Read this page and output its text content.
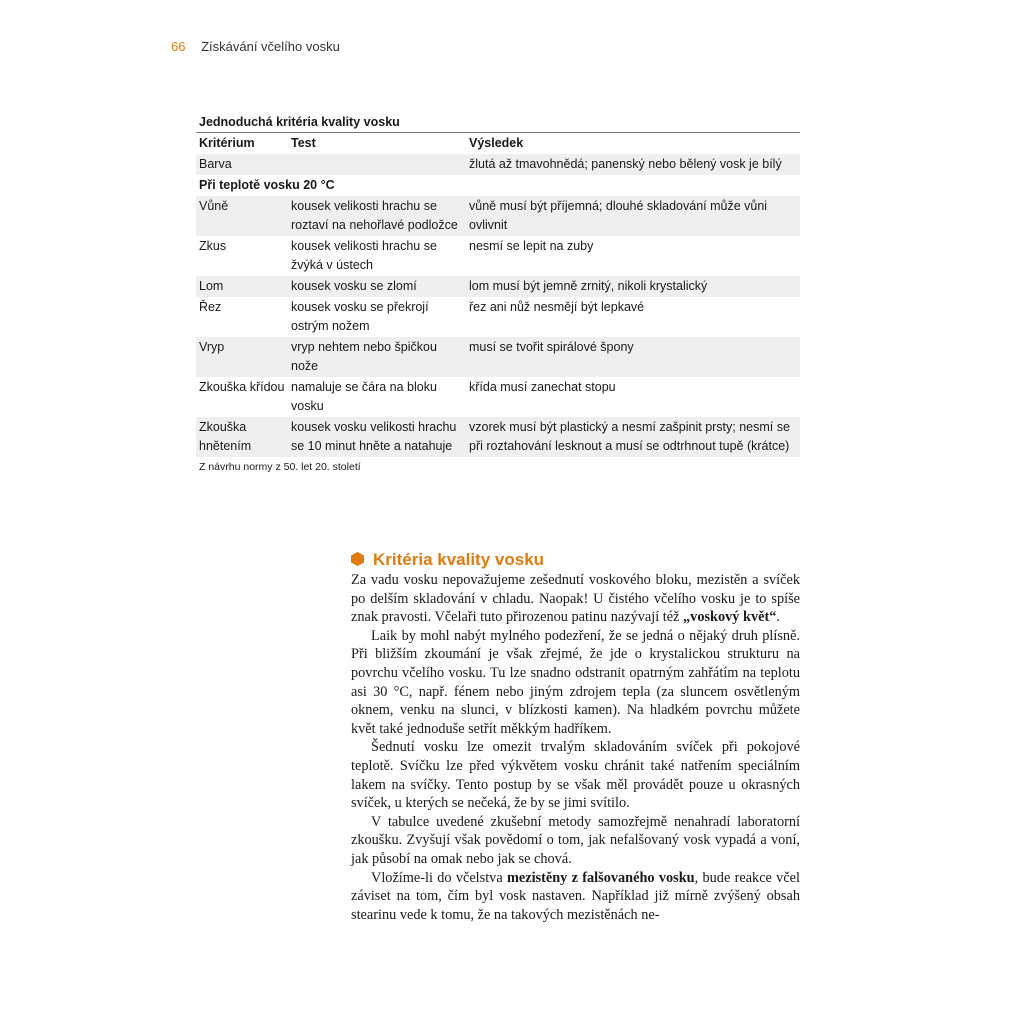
66 Získávání včelího vosku
Jednoduchá kritéria kvality vosku
Kritérium	Test	Výsledek
Barva		žlutá až tmavohnědá; panenský nebo bělený vosk je bílý
Při teplotě vosku 20 °C		
Vůně	kousek velikosti hrachu se roztaví na nehořlavé podložce	vůně musí být příjemná; dlouhé skladování může vůni ovlivnit
Zkus	kousek velikosti hrachu se žvýká v ústech	nesmí se lepit na zuby
Lom	kousek vosku se zlomí	lom musí být jemně zrnitý, nikoli krystalický
Řez	kousek vosku se překrojí ostrým nožem	řez ani nůž nesmějí být lepkavé
Vryp	vryp nehtem nebo špičkou nože	musí se tvořit spirálové špony
Zkouška křídou	namaluje se čára na bloku vosku	křída musí zanechat stopu
Zkouška hnětením	kousek vosku velikosti hrachu se 10 minut hněte a natahuje	vzorek musí být plastický a nesmí zašpinit prsty; nesmí se při roztahování lesknout a musí se odtrhnout tupě (krátce)
Z návrhu normy z 50. let 20. století
Kritéria kvality vosku

Za vadu vosku nepovažujeme zešednutí voskového bloku, mezistěn a svíček po delším skladování v chladu. Naopak! U čistého včelího vosku je to spíše znak pravosti. Včelaři tuto přirozenou patinu nazývají též „voskový květ“.

Laik by mohl nabýt mylného podezření, že se jedná o nějaký druh plísně. Při bližším zkoumání je však zřejmé, že jde o krystalickou strukturu na povrchu včelího vosku. Tu lze snadno odstranit opatrným zahřátím na teplotu asi 30 °C, např. fénem nebo jiným zdrojem tepla (za sluncem osvětleným oknem, venku na slunci, v blízkosti kamen). Na hladkém povrchu můžete květ také jednoduše setřít měkkým hadříkem.

Šednutí vosku lze omezit trvalým skladováním svíček při pokojové teplotě. Svíčku lze před výkvětem vosku chránit také natřením speciálním lakem na svíčky. Tento postup by se však měl provádět pouze u okrasných svíček, u kterých se nečeká, že by se jimi svítilo.

V tabulce uvedené zkušební metody samozřejmě nenahradí laboratorní zkoušku. Zvyšují však povědomí o tom, jak nefalšovaný vosk vypadá a voní, jak působí na omak nebo jak se chová.

Vložíme-li do včelstva mezistěny z falšovaného vosku, bude reakce včel záviset na tom, čím byl vosk nastaven. Například již mírně zvýšený obsah stearinu vede k tomu, že na takových mezistěnách ne-
